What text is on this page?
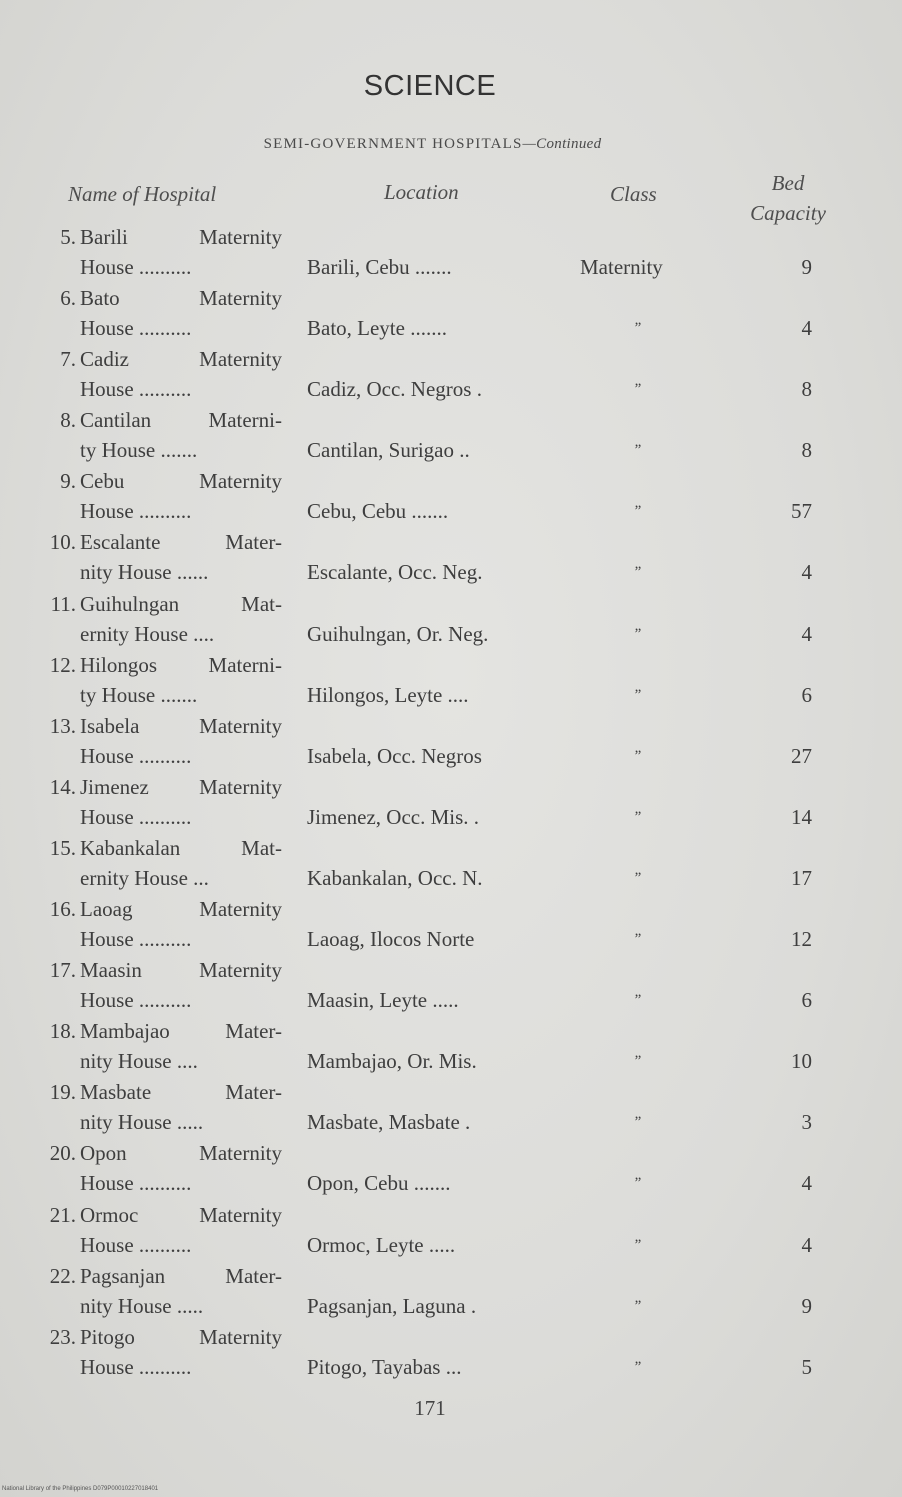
SCIENCE
SEMI-GOVERNMENT HOSPITALS—Continued
Name of Hospital	Location	Class	Bed
Capacity
5. Barili Maternity
House ..........	Barili, Cebu .......	Maternity	9
6. Bato Maternity
House ..........	Bato, Leyte .......	”	4
7. Cadiz Maternity
House ..........	Cadiz, Occ. Negros .	”	8
8. Cantilan Materni-
ty House .......	Cantilan, Surigao ..	”	8
9. Cebu Maternity
House ..........	Cebu, Cebu .......	”	57
10. Escalante Mater-
nity House ......	Escalante, Occ. Neg.	”	4
11. Guihulngan Mat-
ernity House ....	Guihulngan, Or. Neg.	”	4
12. Hilongos Materni-
ty House .......	Hilongos, Leyte ....	”	6
13. Isabela Maternity
House ..........	Isabela, Occ. Negros	”	27
14. Jimenez Maternity
House ..........	Jimenez, Occ. Mis. .	”	14
15. Kabankalan Mat-
ernity House ...	Kabankalan, Occ. N.	”	17
16. Laoag Maternity
House ..........	Laoag, Ilocos Norte	”	12
17. Maasin Maternity
House ..........	Maasin, Leyte .....	”	6
18. Mambajao Mater-
nity House ....	Mambajao, Or. Mis.	”	10
19. Masbate Mater-
nity House .....	Masbate, Masbate .	”	3
20. Opon Maternity
House ..........	Opon, Cebu .......	”	4
21. Ormoc Maternity
House ..........	Ormoc, Leyte .....	”	4
22. Pagsanjan Mater-
nity House .....	Pagsanjan, Laguna .	”	9
23. Pitogo Maternity
House ..........	Pitogo, Tayabas ...	”	5
171
National Library of the Philippines D079P00010227018401
